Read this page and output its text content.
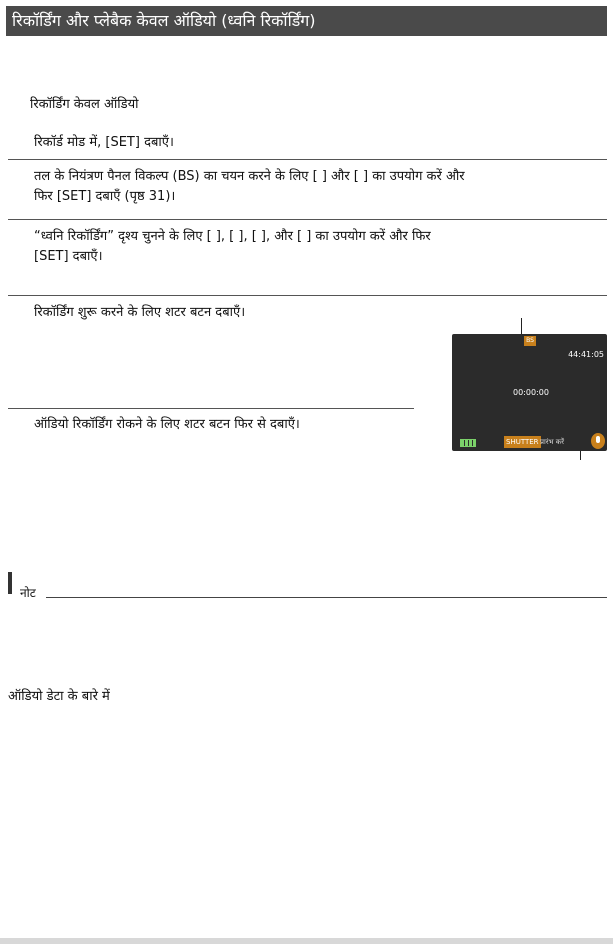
रिकॉर्डिंग और प्लेबैक केवल ऑडियो (ध्वनि रिकॉर्डिंग)
रिकॉर्डिंग केवल ऑडियो
रिकॉर्ड मोड में, [SET] दबाएँ।
तल के नियंत्रण पैनल विकल्प (BS) का चयन करने के लिए [ ] और [ ] का उपयोग करें और
फिर [SET] दबाएँ (पृष्ठ 31)।
“ध्वनि रिकॉर्डिंग” दृश्य चुनने के लिए [ ], [ ], [ ], और [ ] का उपयोग करें और फिर
[SET] दबाएँ।
रिकॉर्डिंग शुरू करने के लिए शटर बटन दबाएँ।
ऑडियो रिकॉर्डिंग रोकने के लिए शटर बटन फिर से दबाएँ।
BS
44:41:05
00:00:00
SHUTTER प्रारंभ करें
नोट
ऑडियो डेटा के बारे में
